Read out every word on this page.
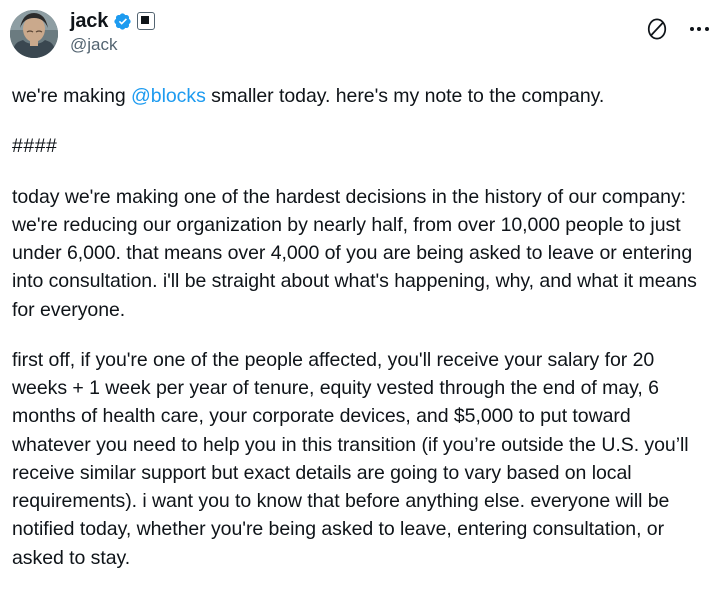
jack
@jack

we're making @blocks smaller today. here's my note to the company.

####

today we're making one of the hardest decisions in the history of our company: we're reducing our organization by nearly half, from over 10,000 people to just under 6,000. that means over 4,000 of you are being asked to leave or entering into consultation. i'll be straight about what's happening, why, and what it means for everyone.

first off, if you're one of the people affected, you'll receive your salary for 20 weeks + 1 week per year of tenure, equity vested through the end of may, 6 months of health care, your corporate devices, and $5,000 to put toward whatever you need to help you in this transition (if you’re outside the U.S. you’ll receive similar support but exact details are going to vary based on local requirements). i want you to know that before anything else. everyone will be notified today, whether you're being asked to leave, entering consultation, or asked to stay.
